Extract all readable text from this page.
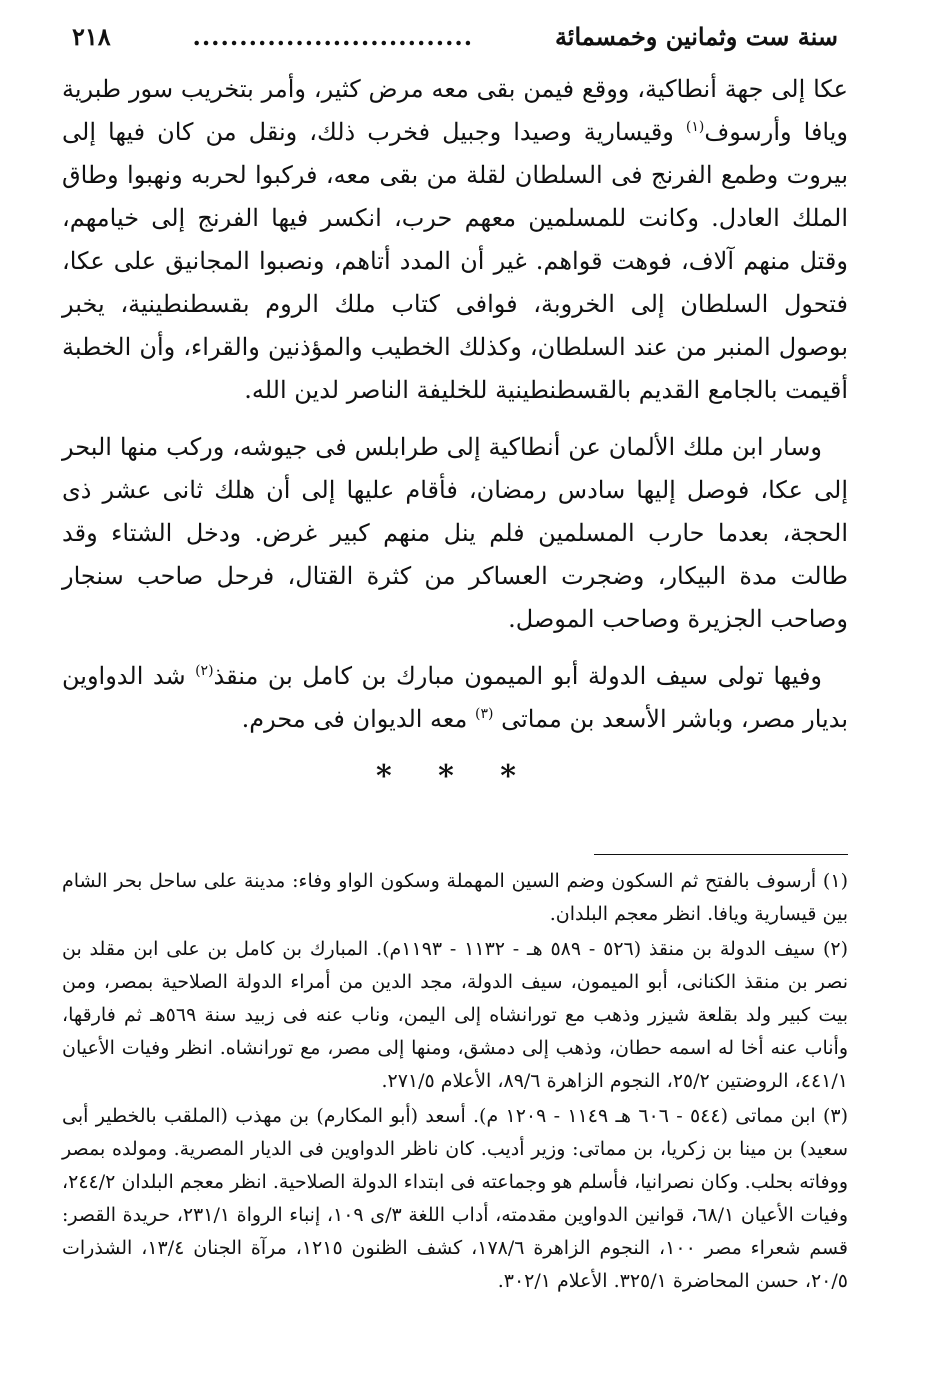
سنة ست وثمانين وخمسمائة
..............................
٢١٨

عكا إلى جهة أنطاكية، ووقع فيمن بقى معه مرض كثير، وأمر بتخريب سور طبرية ويافا وأرسوف$^{(١)}$ وقيسارية وصيدا وجبيل فخرب ذلك، ونقل من كان فيها إلى بيروت وطمع الفرنج فى السلطان لقلة من بقى معه، فركبوا لحربه ونهبوا وطاق الملك العادل. وكانت للمسلمين معهم حرب، انكسر فيها الفرنج إلى خيامهم، وقتل منهم آلاف، فوهت قواهم. غير أن المدد أتاهم، ونصبوا المجانيق على عكا، فتحول السلطان إلى الخروبة، فوافى كتاب ملك الروم بقسطنطينية، يخبر بوصول المنبر من عند السلطان، وكذلك الخطيب والمؤذنين والقراء، وأن الخطبة أقيمت بالجامع القديم بالقسطنطينية للخليفة الناصر لدين الله.

وسار ابن ملك الألمان عن أنطاكية إلى طرابلس فى جيوشه، وركب منها البحر إلى عكا، فوصل إليها سادس رمضان، فأقام عليها إلى أن هلك ثانى عشر ذى الحجة، بعدما حارب المسلمين فلم ينل منهم كبير غرض. ودخل الشتاء وقد طالت مدة البيكار، وضجرت العساكر من كثرة القتال، فرحل صاحب سنجار وصاحب الجزيرة وصاحب الموصل.

وفيها تولى سيف الدولة أبو الميمون مبارك بن كامل بن منقذ$^{(٢)}$ شد الدواوين بديار مصر، وباشر الأسعد بن مماتى $^{(٣)}$ معه الديوان فى محرم.

* * *

(١) أرسوف بالفتح ثم السكون وضم السين المهملة وسكون الواو وفاء: مدينة على ساحل بحر الشام بين قيسارية ويافا. انظر معجم البلدان.

(٢) سيف الدولة بن منقذ (٥٢٦ - ٥٨٩ هـ - ١١٣٢ - ١١٩٣م). المبارك بن كامل بن على ابن مقلد بن نصر بن منقذ الكنانى، أبو الميمون، سيف الدولة، مجد الدين من أمراء الدولة الصلاحية بمصر، ومن بيت كبير ولد بقلعة شيزر وذهب مع تورانشاه إلى اليمن، وناب عنه فى زبيد سنة ٥٦٩هـ ثم فارقها، وأناب عنه أخا له اسمه حطان، وذهب إلى دمشق، ومنها إلى مصر، مع تورانشاه. انظر وفيات الأعيان ٤٤١/١، الروضتين ٢٥/٢، النجوم الزاهرة ٨٩/٦، الأعلام ٢٧١/٥.

(٣) ابن مماتى (٥٤٤ - ٦٠٦ هـ ١١٤٩ - ١٢٠٩ م). أسعد (أبو المكارم) بن مهذب (الملقب بالخطير أبى سعيد) بن مينا بن زكريا، بن مماتى: وزير أديب. كان ناظر الدواوين فى الديار المصرية. ومولده بمصر ووفاته بحلب. وكان نصرانيا، فأسلم هو وجماعته فى ابتداء الدولة الصلاحية. انظر معجم البلدان ٢٤٤/٢، وفيات الأعيان ٦٨/١، قوانين الدواوين مقدمته، أداب اللغة ٣/ى ١٠٩، إنباء الرواة ٢٣١/١، حريدة القصر: قسم شعراء مصر ١٠٠، النجوم الزاهرة ١٧٨/٦، كشف الظنون ١٢١٥، مرآة الجنان ١٣/٤، الشذرات ٢٠/٥، حسن المحاضرة ٣٢٥/١. الأعلام ٣٠٢/١.
